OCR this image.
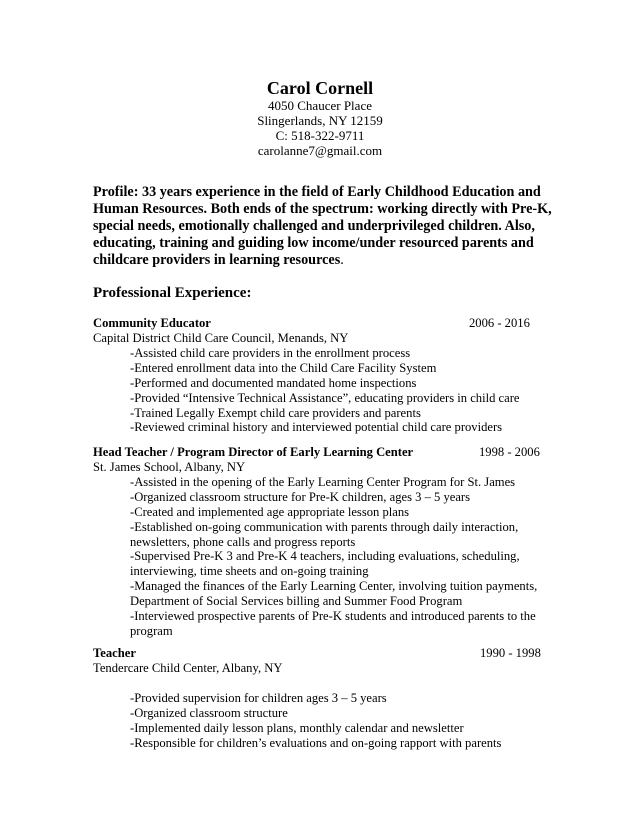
Carol Cornell
4050 Chaucer Place
Slingerlands, NY 12159
C: 518-322-9711
carolanne7@gmail.com
Profile: 33 years experience in the field of Early Childhood Education and Human Resources. Both ends of the spectrum: working directly with Pre-K, special needs, emotionally challenged and underprivileged children. Also, educating, training and guiding low income/under resourced parents and childcare providers in learning resources.
Professional Experience:
Community Educator	2006 - 2016
Capital District Child Care Council, Menands, NY
-Assisted child care providers in the enrollment process
-Entered enrollment data into the Child Care Facility System
-Performed and documented mandated home inspections
-Provided “Intensive Technical Assistance”, educating providers in child care
-Trained Legally Exempt child care providers and parents
-Reviewed criminal history and interviewed potential child care providers
Head Teacher / Program Director of Early Learning Center	1998 - 2006
St. James School, Albany, NY
-Assisted in the opening of the Early Learning Center Program for St. James
-Organized classroom structure for Pre-K children, ages 3 – 5 years
-Created and implemented age appropriate lesson plans
-Established on-going communication with parents through daily interaction,  newsletters, phone calls and progress reports
-Supervised Pre-K 3 and Pre-K 4 teachers, including evaluations, scheduling, interviewing, time sheets and on-going training
-Managed the finances of the Early Learning Center, involving tuition payments, Department of Social Services billing and Summer Food Program
-Interviewed prospective parents of Pre-K students and introduced parents to the program
Teacher	1990 - 1998
Tendercare Child Center, Albany, NY
-Provided supervision for children ages 3 – 5 years
-Organized classroom structure
-Implemented daily lesson plans, monthly calendar and newsletter
-Responsible for children’s evaluations and on-going rapport with parents
